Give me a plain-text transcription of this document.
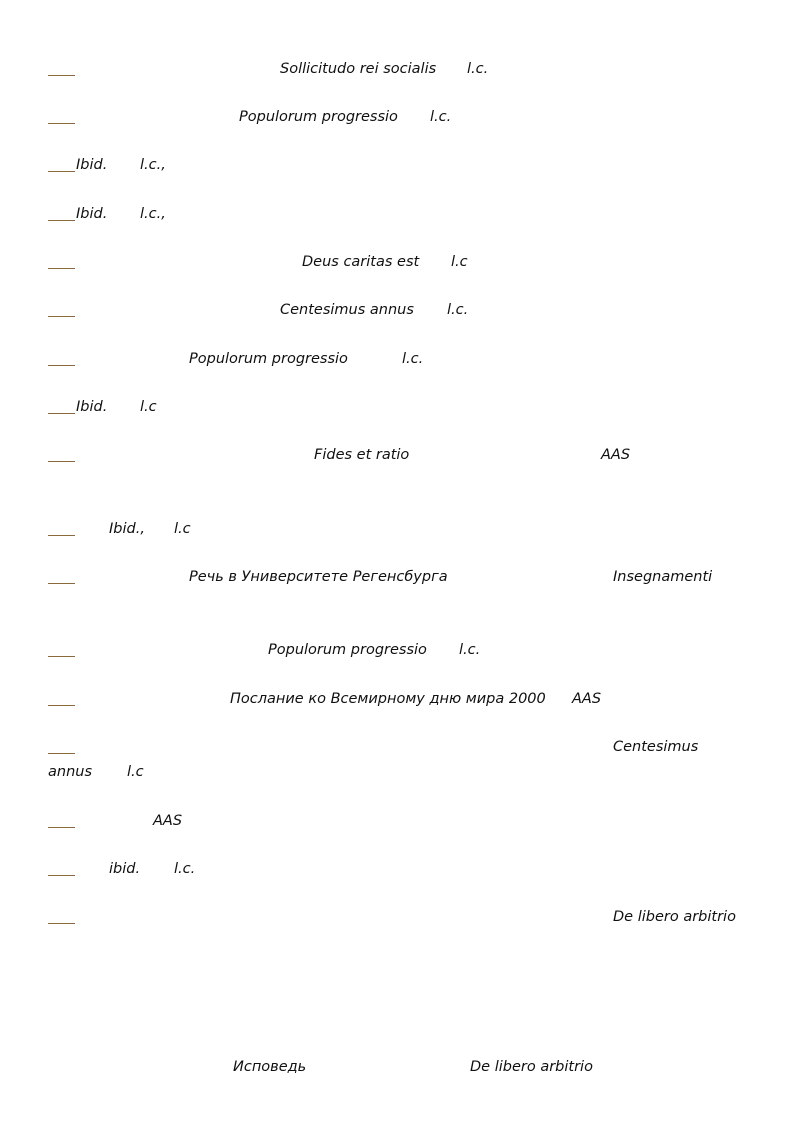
Sollicitudo rei socialis l.c.
Populorum progressio l.c.
Ibid. l.c.,
Ibid. l.c.,
Deus caritas est l.c
Centesimus annus l.c.
Populorum progressio	l.c.
Ibid. l.c
Fides et ratio	AAS
Ibid., l.c
Речь в Университете Регенсбурга	Insegnamenti
Populorum progressio l.c.
Послание ко Всемирному дню мира 2000 AAS
Centesimus
annus l.c
AAS
ibid. l.c.
De libero arbitrio
Исповедь	De libero arbitrio
